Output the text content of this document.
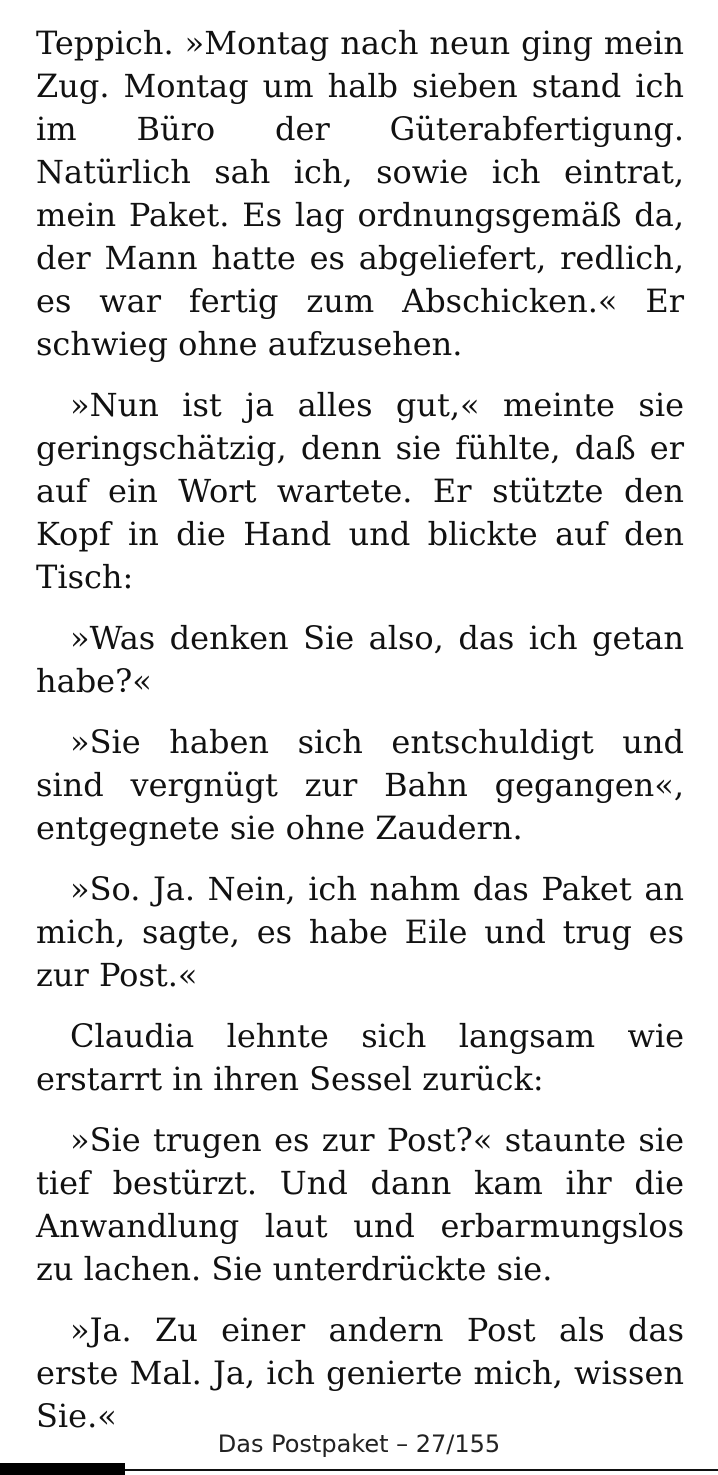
Teppich. »Montag nach neun ging mein Zug. Montag um halb sieben stand ich im Büro der Güterabfertigung. Natürlich sah ich, sowie ich eintrat, mein Paket. Es lag ordnungsgemäß da, der Mann hatte es abgeliefert, redlich, es war fertig zum Abschicken.« Er schwieg ohne aufzusehen.

»Nun ist ja alles gut,« meinte sie geringschätzig, denn sie fühlte, daß er auf ein Wort wartete. Er stützte den Kopf in die Hand und blickte auf den Tisch:

»Was denken Sie also, das ich getan habe?«

»Sie haben sich entschuldigt und sind vergnügt zur Bahn gegangen«, entgegnete sie ohne Zaudern.

»So. Ja. Nein, ich nahm das Paket an mich, sagte, es habe Eile und trug es zur Post.«

Claudia lehnte sich langsam wie erstarrt in ihren Sessel zurück:

»Sie trugen es zur Post?« staunte sie tief bestürzt. Und dann kam ihr die Anwandlung laut und erbarmungslos zu lachen. Sie unterdrückte sie.

»Ja. Zu einer andern Post als das erste Mal. Ja, ich genierte mich, wissen Sie.«

Das Postpaket – 27/155
